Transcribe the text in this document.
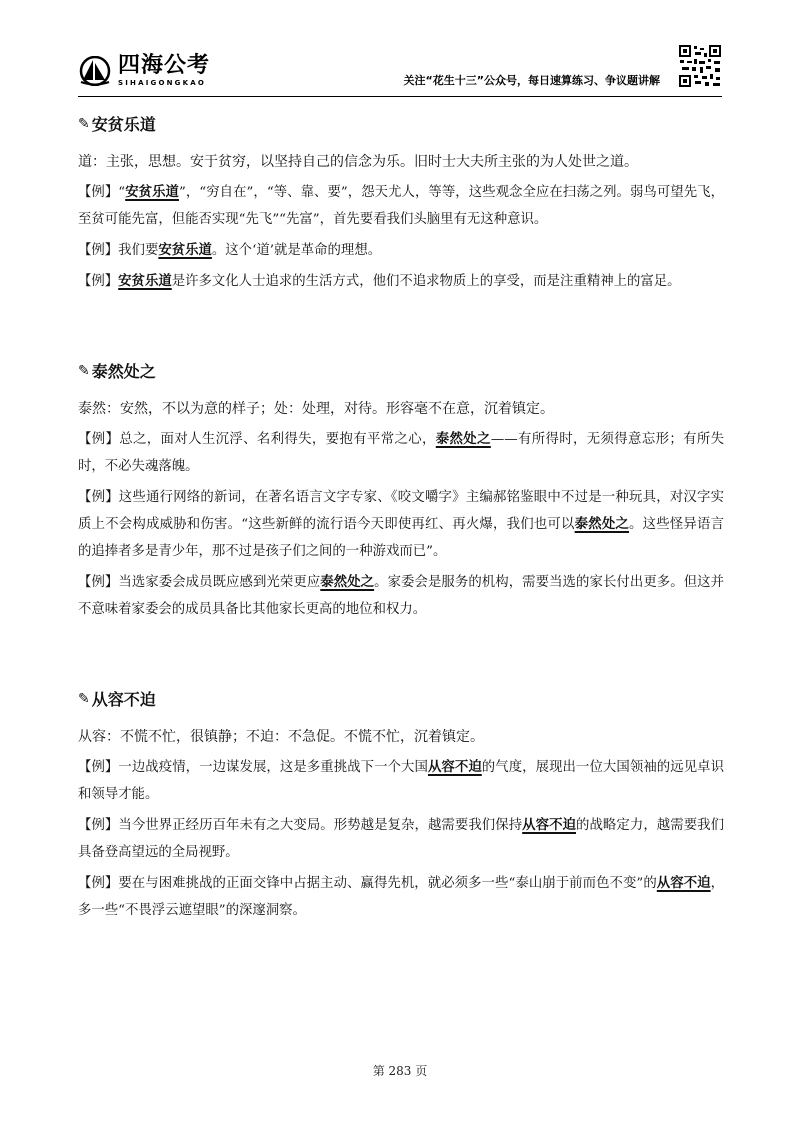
四海公考
SIHAIGONGKAO	关注“花生十三”公众号，每日速算练习、争议题讲解
✎ 安贫乐道

道：主张，思想。安于贫穷，以坚持自己的信念为乐。旧时士大夫所主张的为人处世之道。

【例】“安贫乐道”，“穷自在”，“等、靠、要”，怨天尤人，等等，这些观念全应在扫荡之列。弱鸟可望先飞，至贫可能先富，但能否实现“先飞”“先富”，首先要看我们头脑里有无这种意识。

【例】我们要安贫乐道。这个‘道’就是革命的理想。

【例】安贫乐道是许多文化人士追求的生活方式，他们不追求物质上的享受，而是注重精神上的富足。

✎ 泰然处之

泰然：安然，不以为意的样子；处：处理，对待。形容毫不在意，沉着镇定。

【例】总之，面对人生沉浮、名利得失，要抱有平常之心，泰然处之——有所得时，无须得意忘形；有所失时，不必失魂落魄。

【例】这些通行网络的新词，在著名语言文字专家、《咬文嚼字》主编郝铭鉴眼中不过是一种玩具，对汉字实质上不会构成威胁和伤害。“这些新鲜的流行语今天即使再红、再火爆，我们也可以泰然处之。这些怪异语言的追捧者多是青少年，那不过是孩子们之间的一种游戏而已”。

【例】当选家委会成员既应感到光荣更应泰然处之。家委会是服务的机构，需要当选的家长付出更多。但这并不意味着家委会的成员具备比其他家长更高的地位和权力。

✎ 从容不迫

从容：不慌不忙，很镇静；不迫：不急促。不慌不忙，沉着镇定。

【例】一边战疫情，一边谋发展，这是多重挑战下一个大国从容不迫的气度，展现出一位大国领袖的远见卓识和领导才能。

【例】当今世界正经历百年未有之大变局。形势越是复杂，越需要我们保持从容不迫的战略定力，越需要我们具备登高望远的全局视野。

【例】要在与困难挑战的正面交锋中占据主动、赢得先机，就必须多一些“泰山崩于前而色不变”的从容不迫，多一些“不畏浮云遮望眼”的深邃洞察。

第 283 页
